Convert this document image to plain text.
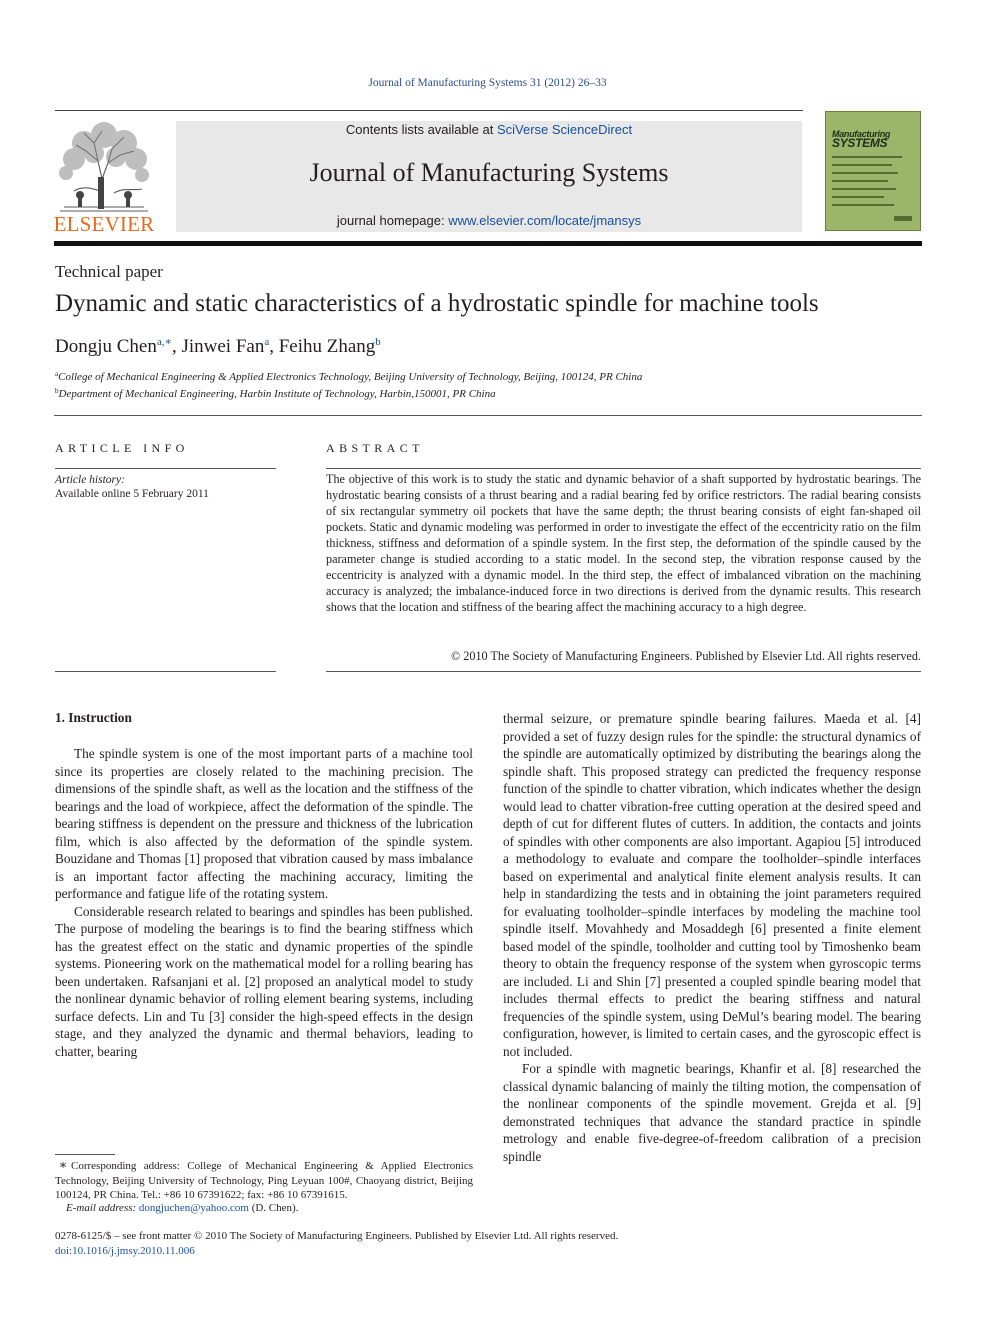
Journal of Manufacturing Systems 31 (2012) 26–33
ELSEVIER
Contents lists available at SciVerse ScienceDirect
Journal of Manufacturing Systems
journal homepage: www.elsevier.com/locate/jmansys
Manufacturing
SYSTEMS
Technical paper
Dynamic and static characteristics of a hydrostatic spindle for machine tools
Dongju Chen$^{a,∗}$, Jinwei Fan$^a$, Feihu Zhang$^b$
$^a$College of Mechanical Engineering & Applied Electronics Technology, Beijing University of Technology, Beijing, 100124, PR China
$^b$Department of Mechanical Engineering, Harbin Institute of Technology, Harbin,150001, PR China
ARTICLE INFO	ABSTRACT
Article history:
Available online 5 February 2011
The objective of this work is to study the static and dynamic behavior of a shaft supported by hydrostatic bearings. The hydrostatic bearing consists of a thrust bearing and a radial bearing fed by orifice restrictors. The radial bearing consists of six rectangular symmetry oil pockets that have the same depth; the thrust bearing consists of eight fan-shaped oil pockets. Static and dynamic modeling was performed in order to investigate the effect of the eccentricity ratio on the film thickness, stiffness and deformation of a spindle system. In the first step, the deformation of the spindle caused by the parameter change is studied according to a static model. In the second step, the vibration response caused by the eccentricity is analyzed with a dynamic model. In the third step, the effect of imbalanced vibration on the machining accuracy is analyzed; the imbalance-induced force in two directions is derived from the dynamic results. This research shows that the location and stiffness of the bearing affect the machining accuracy to a high degree.
© 2010 The Society of Manufacturing Engineers. Published by Elsevier Ltd. All rights reserved.
1. Instruction

The spindle system is one of the most important parts of a machine tool since its properties are closely related to the machining precision. The dimensions of the spindle shaft, as well as the location and the stiffness of the bearings and the load of workpiece, affect the deformation of the spindle. The bearing stiffness is dependent on the pressure and thickness of the lubrication film, which is also affected by the deformation of the spindle system. Bouzidane and Thomas [1] proposed that vibration caused by mass imbalance is an important factor affecting the machining accuracy, limiting the performance and fatigue life of the rotating system.

Considerable research related to bearings and spindles has been published. The purpose of modeling the bearings is to find the bearing stiffness which has the greatest effect on the static and dynamic properties of the spindle systems. Pioneering work on the mathematical model for a rolling bearing has been undertaken. Rafsanjani et al. [2] proposed an analytical model to study the nonlinear dynamic behavior of rolling element bearing systems, including surface defects. Lin and Tu [3] consider the high-speed effects in the design stage, and they analyzed the dynamic and thermal behaviors, leading to chatter, bearing

thermal seizure, or premature spindle bearing failures. Maeda et al. [4] provided a set of fuzzy design rules for the spindle: the structural dynamics of the spindle are automatically optimized by distributing the bearings along the spindle shaft. This proposed strategy can predicted the frequency response function of the spindle to chatter vibration, which indicates whether the design would lead to chatter vibration-free cutting operation at the desired speed and depth of cut for different flutes of cutters. In addition, the contacts and joints of spindles with other components are also important. Agapiou [5] introduced a methodology to evaluate and compare the toolholder–spindle interfaces based on experimental and analytical finite element analysis results. It can help in standardizing the tests and in obtaining the joint parameters required for evaluating toolholder–spindle interfaces by modeling the machine tool spindle itself. Movahhedy and Mosaddegh [6] presented a finite element based model of the spindle, toolholder and cutting tool by Timoshenko beam theory to obtain the frequency response of the system when gyroscopic terms are included. Li and Shin [7] presented a coupled spindle bearing model that includes thermal effects to predict the bearing stiffness and natural frequencies of the spindle system, using DeMul’s bearing model. The bearing configuration, however, is limited to certain cases, and the gyroscopic effect is not included.

For a spindle with magnetic bearings, Khanfir et al. [8] researched the classical dynamic balancing of mainly the tilting motion, the compensation of the nonlinear components of the spindle movement. Grejda et al. [9] demonstrated techniques that advance the standard practice in spindle metrology and enable five-degree-of-freedom calibration of a precision spindle

∗ Corresponding address: College of Mechanical Engineering & Applied Electronics Technology, Beijing University of Technology, Ping Leyuan 100#, Chaoyang district, Beijing 100124, PR China. Tel.: +86 10 67391622; fax: +86 10 67391615.
E-mail address: dongjuchen@yahoo.com (D. Chen).
0278-6125/$ – see front matter © 2010 The Society of Manufacturing Engineers. Published by Elsevier Ltd. All rights reserved.
doi:10.1016/j.jmsy.2010.11.006
